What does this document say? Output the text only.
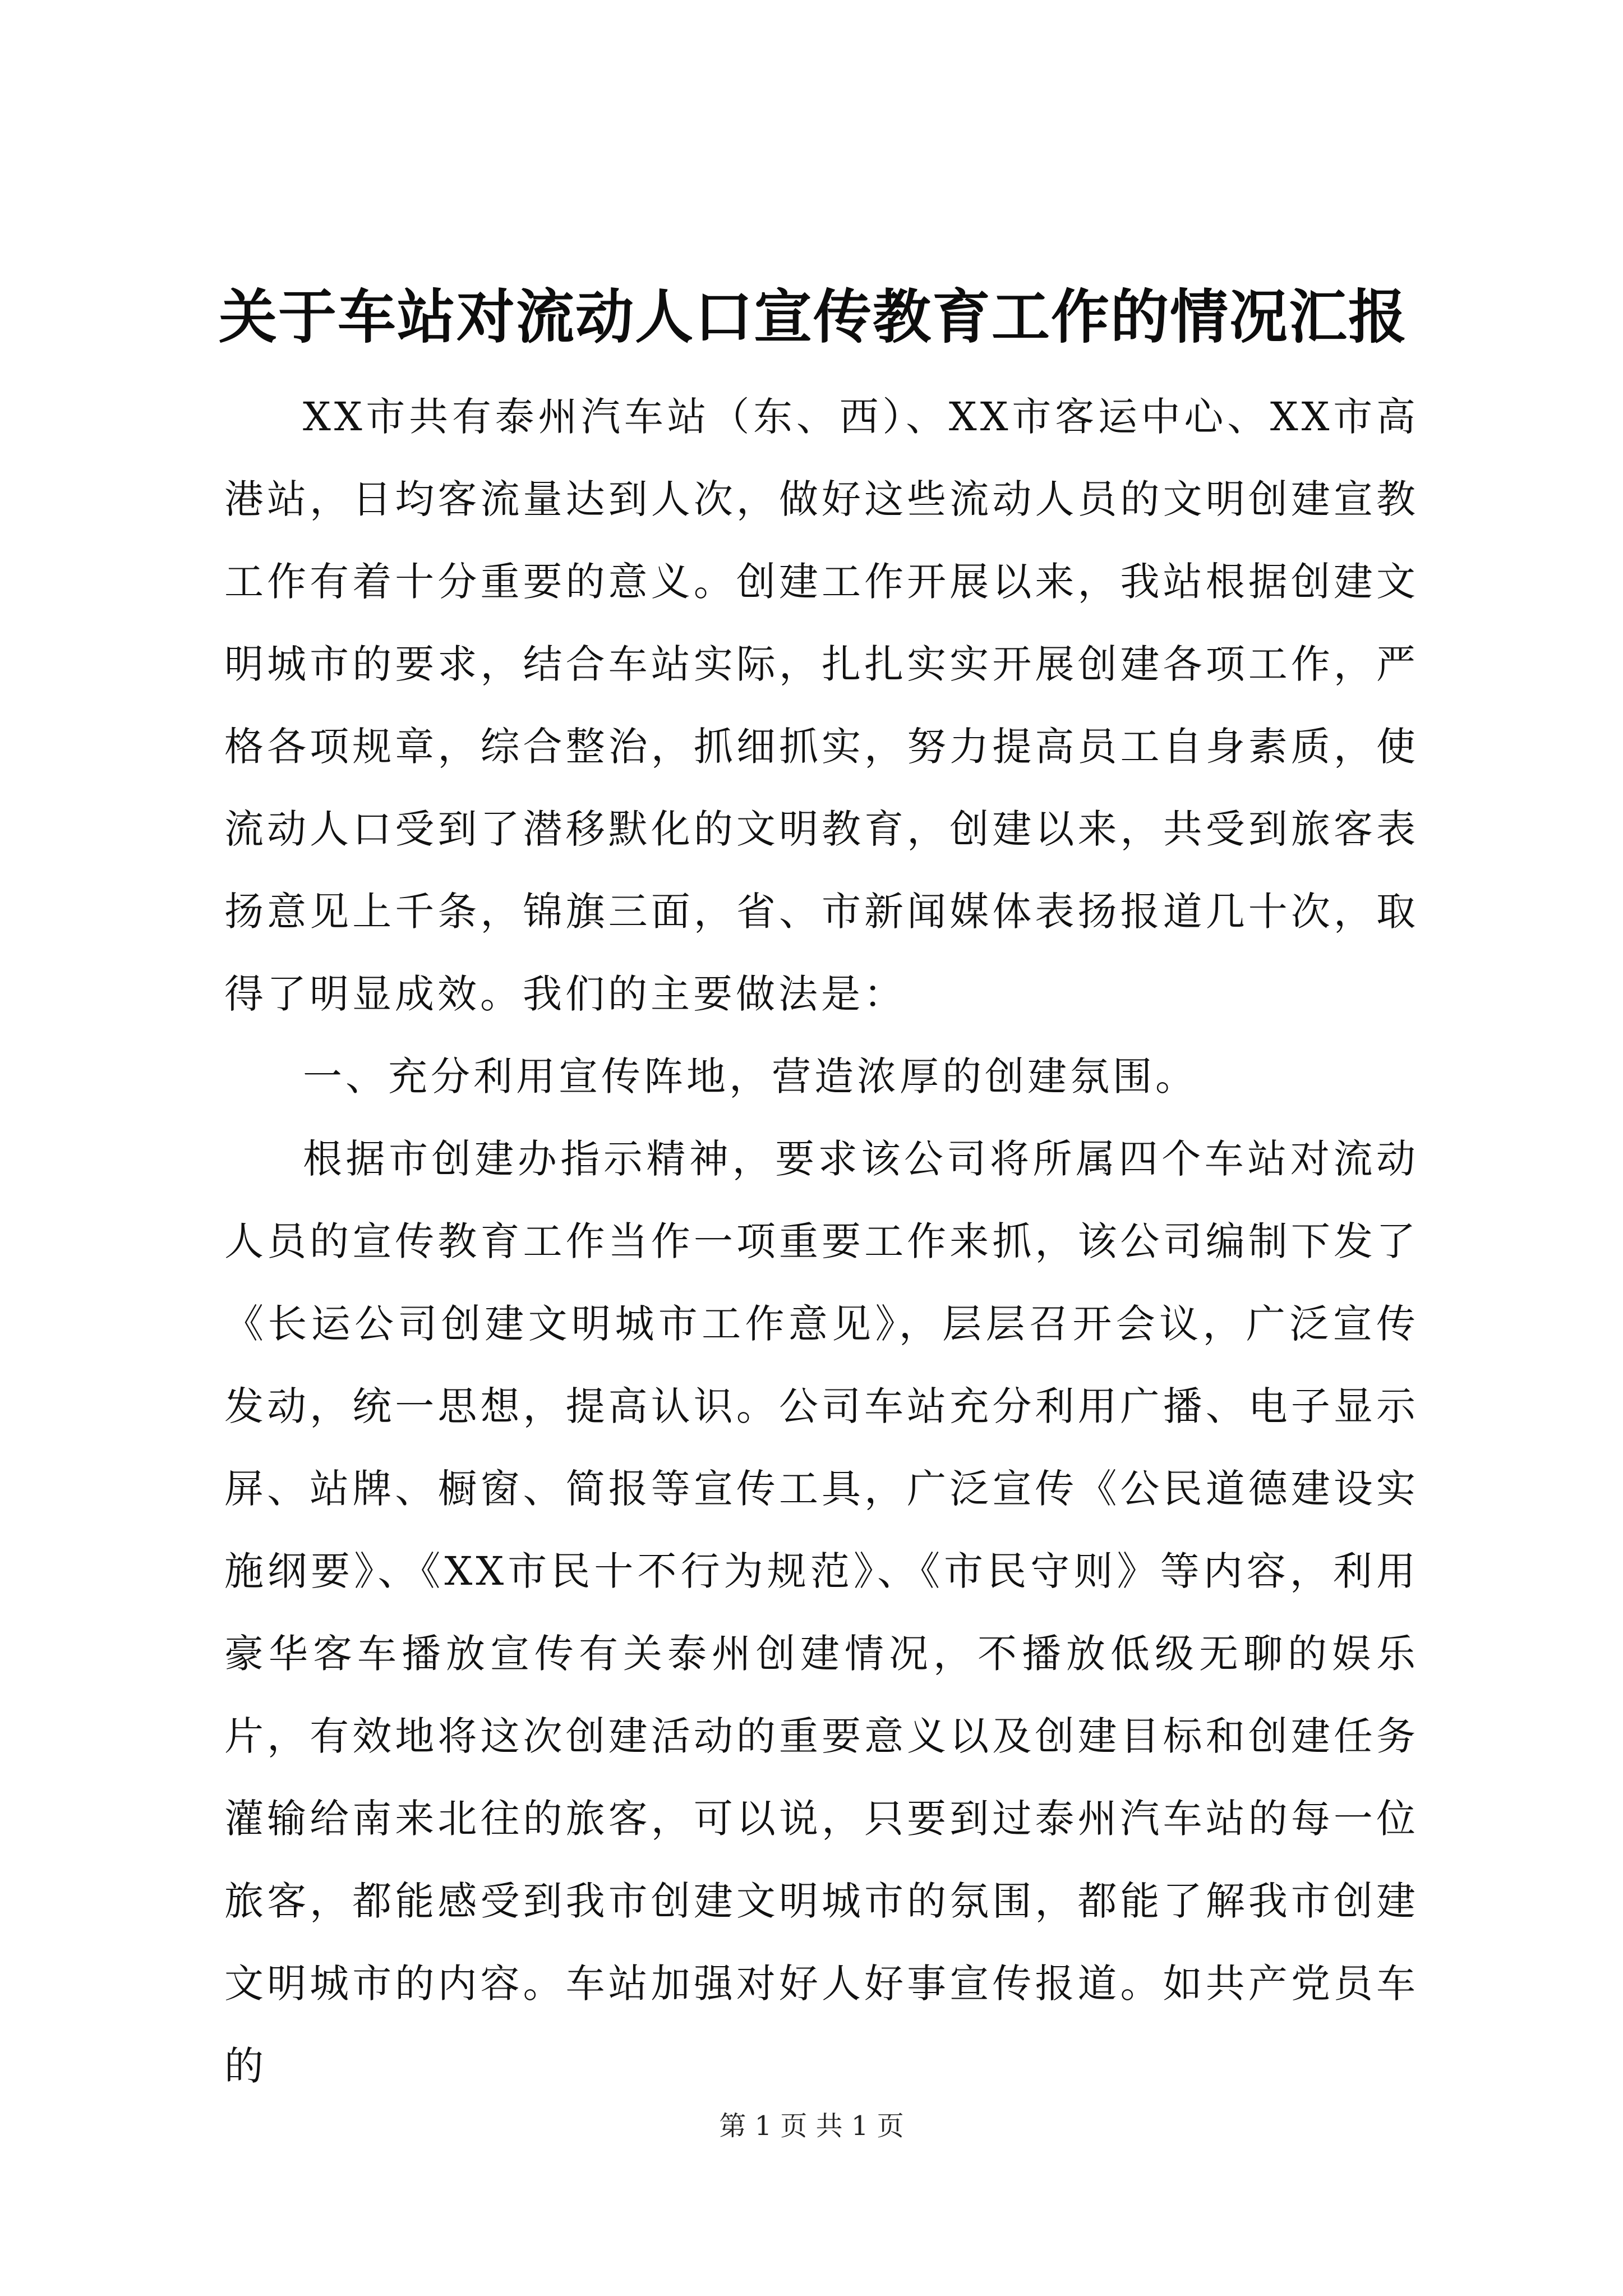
关于车站对流动人口宣传教育工作的情况汇报

XX市共有泰州汽车站（东、西）、XX市客运中心、XX市高港站，日均客流量达到人次，做好这些流动人员的文明创建宣教工作有着十分重要的意义。创建工作开展以来，我站根据创建文明城市的要求，结合车站实际，扎扎实实开展创建各项工作，严格各项规章，综合整治，抓细抓实，努力提高员工自身素质，使流动人口受到了潜移默化的文明教育，创建以来，共受到旅客表扬意见上千条，锦旗三面，省、市新闻媒体表扬报道几十次，取得了明显成效。我们的主要做法是：

一、充分利用宣传阵地，营造浓厚的创建氛围。

根据市创建办指示精神，要求该公司将所属四个车站对流动人员的宣传教育工作当作一项重要工作来抓，该公司编制下发了《长运公司创建文明城市工作意见》，层层召开会议，广泛宣传发动，统一思想，提高认识。公司车站充分利用广播、电子显示屏、站牌、橱窗、简报等宣传工具，广泛宣传《公民道德建设实施纲要》、《XX市民十不行为规范》、《市民守则》等内容，利用豪华客车播放宣传有关泰州创建情况，不播放低级无聊的娱乐片，有效地将这次创建活动的重要意义以及创建目标和创建任务灌输给南来北往的旅客，可以说，只要到过泰州汽车站的每一位旅客，都能感受到我市创建文明城市的氛围，都能了解我市创建文明城市的内容。车站加强对好人好事宣传报道。如共产党员车的

第 1 页 共 1 页
